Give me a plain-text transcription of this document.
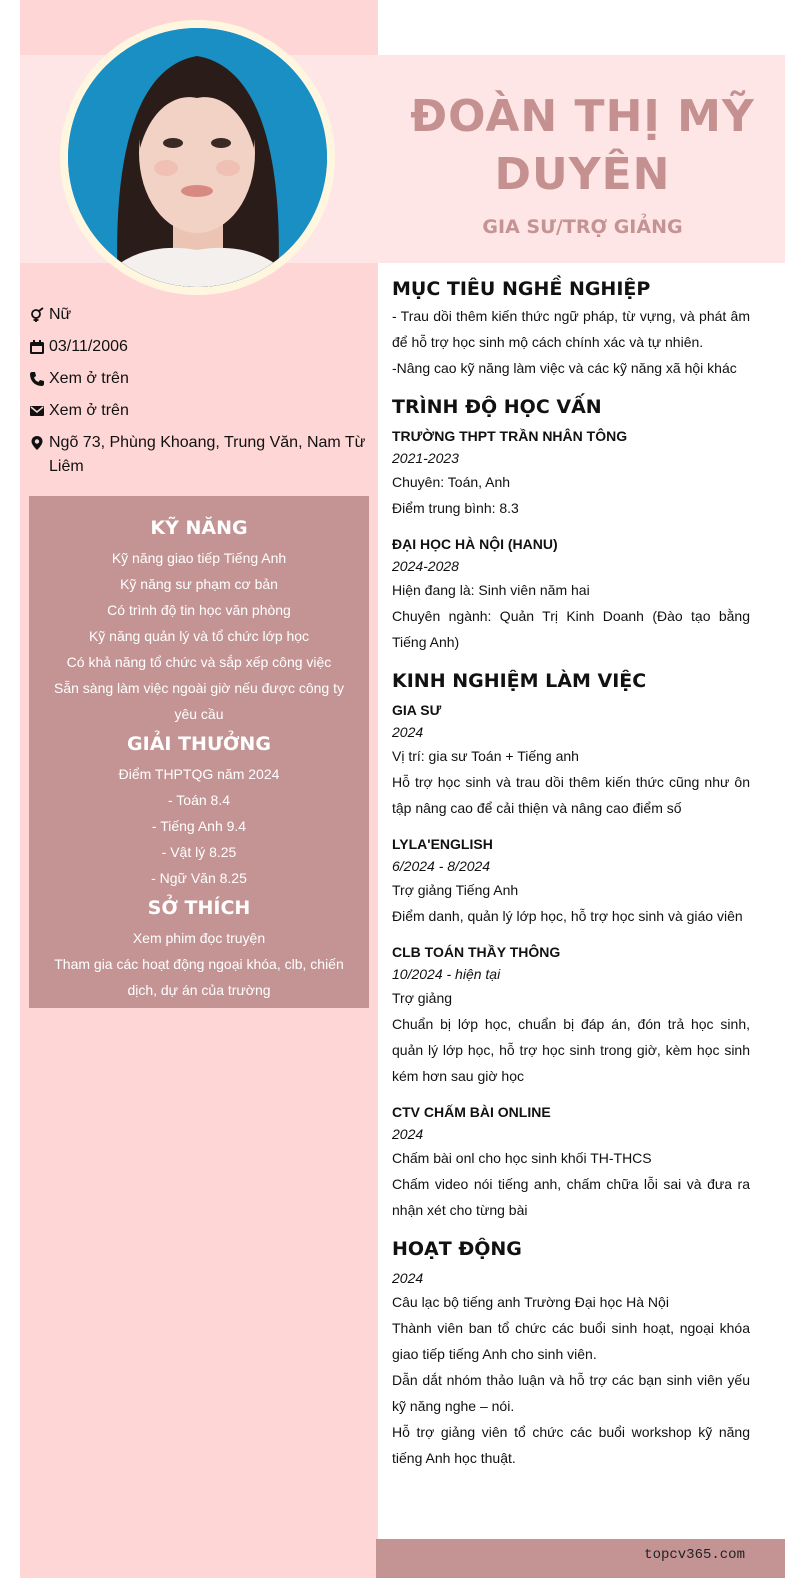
ĐOÀN THỊ MỸ DUYÊN
GIA SƯ/TRỢ GIẢNG
Nữ
03/11/2006
Xem ở trên
Xem ở trên
Ngõ 73, Phùng Khoang, Trung Văn, Nam Từ Liêm
KỸ NĂNG
Kỹ năng giao tiếp Tiếng Anh
Kỹ năng sư phạm cơ bản
Có trình độ tin học văn phòng
Kỹ năng quản lý và tổ chức lớp học
Có khả năng tổ chức và sắp xếp công việc
Sẵn sàng làm việc ngoài giờ nếu được công ty yêu cầu
GIẢI THƯỞNG
Điểm THPTQG năm 2024
- Toán 8.4
- Tiếng Anh 9.4
- Vật lý 8.25
- Ngữ Văn 8.25
SỞ THÍCH
Xem phim đọc truyện
Tham gia các hoạt động ngoại khóa, clb, chiến dịch, dự án của trường
MỤC TIÊU NGHỀ NGHIỆP
- Trau dồi thêm kiến thức ngữ pháp, từ vựng, và phát âm để hỗ trợ học sinh mộ cách chính xác và tự nhiên.
-Nâng cao kỹ năng làm việc và các kỹ năng xã hội khác
TRÌNH ĐỘ HỌC VẤN
TRƯỜNG THPT TRẦN NHÂN TÔNG
2021-2023
Chuyên: Toán, Anh
Điểm trung bình: 8.3
ĐẠI HỌC HÀ NỘI (HANU)
2024-2028
Hiện đang là: Sinh viên năm hai
Chuyên ngành: Quản Trị Kinh Doanh (Đào tạo bằng Tiếng Anh)
KINH NGHIỆM LÀM VIỆC
GIA SƯ
2024
Vị trí: gia sư Toán + Tiếng anh
Hỗ trợ học sinh và trau dồi thêm kiến thức cũng như ôn tập nâng cao để cải thiện và nâng cao điểm số
LYLA'ENGLISH
6/2024 - 8/2024
Trợ giảng Tiếng Anh
Điểm danh, quản lý lớp học, hỗ trợ học sinh và giáo viên
CLB TOÁN THẦY THÔNG
10/2024 - hiện tại
Trợ giảng
Chuẩn bị lớp học, chuẩn bị đáp án, đón trả học sinh, quản lý lớp học, hỗ trợ học sinh trong giờ, kèm học sinh kém hơn sau giờ học
CTV CHẤM BÀI ONLINE
2024
Chấm bài onl cho học sinh khối TH-THCS
Chấm video nói tiếng anh, chấm chữa lỗi sai và đưa ra nhận xét cho từng bài
HOẠT ĐỘNG
2024
Câu lạc bộ tiếng anh Trường Đại học Hà Nội
Thành viên ban tổ chức các buổi sinh hoạt, ngoại khóa giao tiếp tiếng Anh cho sinh viên.
Dẫn dắt nhóm thảo luận và hỗ trợ các bạn sinh viên yếu kỹ năng nghe – nói.
Hỗ trợ giảng viên tổ chức các buổi workshop kỹ năng tiếng Anh học thuật.
topcv365.com
